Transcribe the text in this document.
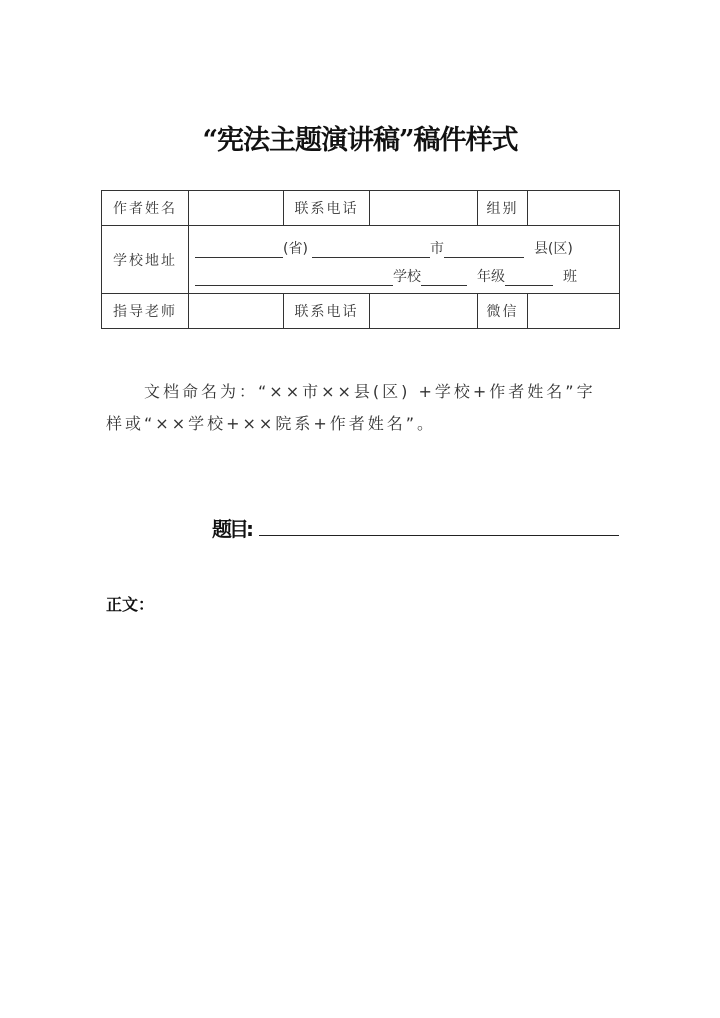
“宪法主题演讲稿”稿件样式
作者姓名		联系电话		组别	
学校地址	(省) 市 县(区)
学校 年级 班				

指导老师		联系电话		微信	
文档命名为：“××市××县(区) +学校+作者姓名”字
样或“××学校+××院系+作者姓名”。
题目:
正文：
